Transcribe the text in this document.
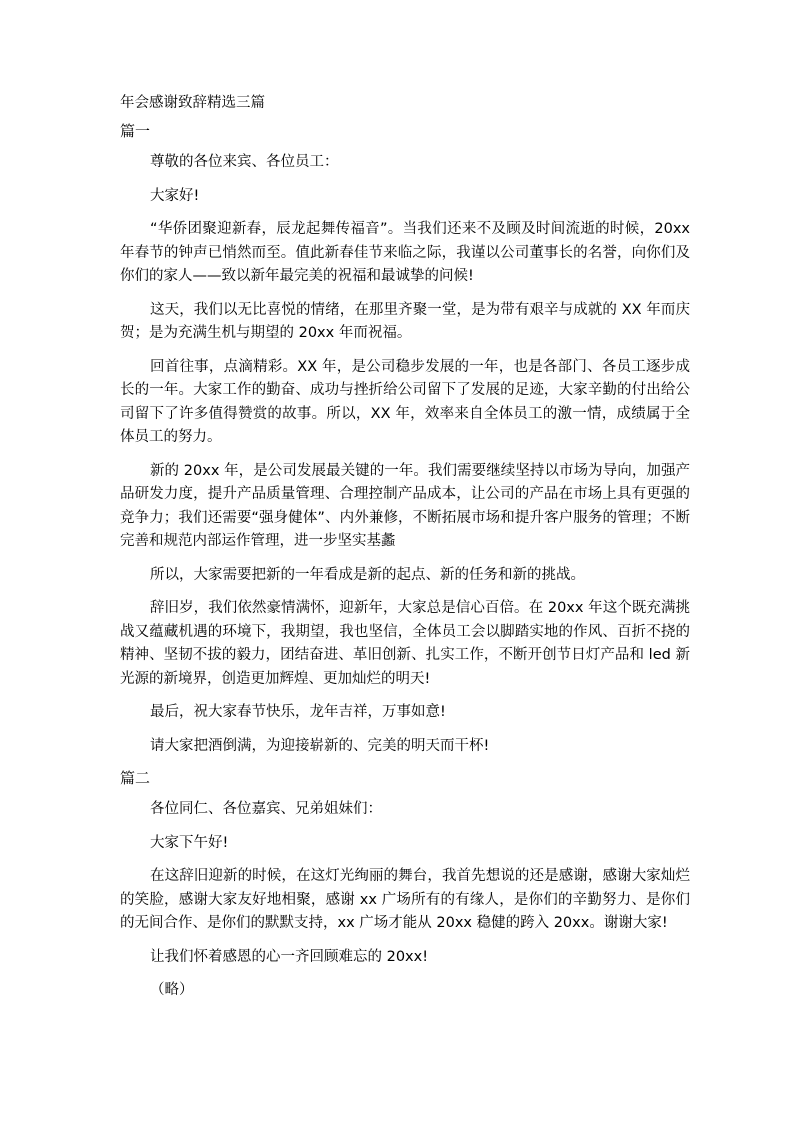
年会感谢致辞精选三篇

篇一

尊敬的各位来宾、各位员工：

大家好!

“华侨团聚迎新春，辰龙起舞传福音”。当我们还来不及顾及时间流逝的时候，20xx 年春节的钟声已悄然而至。值此新春佳节来临之际，我谨以公司董事长的名誉，向你们及你们的家人——致以新年最完美的祝福和最诚挚的问候!

这天，我们以无比喜悦的情绪，在那里齐聚一堂，是为带有艰辛与成就的 XX 年而庆贺；是为充满生机与期望的 20xx 年而祝福。

回首往事，点滴精彩。XX 年，是公司稳步发展的一年，也是各部门、各员工逐步成长的一年。大家工作的勤奋、成功与挫折给公司留下了发展的足迹，大家辛勤的付出给公司留下了许多值得赞赏的故事。所以，XX 年，效率来自全体员工的激一情，成绩属于全体员工的努力。

新的 20xx 年，是公司发展最关键的一年。我们需要继续坚持以市场为导向，加强产品研发力度，提升产品质量管理、合理控制产品成本，让公司的产品在市场上具有更强的竞争力；我们还需要“强身健体”、内外兼修，不断拓展市场和提升客户服务的管理；不断完善和规范内部运作管理，进一步坚实基蠡

所以，大家需要把新的一年看成是新的起点、新的任务和新的挑战。

辞旧岁，我们依然豪情满怀，迎新年，大家总是信心百倍。在 20xx 年这个既充满挑战又蕴藏机遇的环境下，我期望，我也坚信，全体员工会以脚踏实地的作风、百折不挠的精神、坚韧不拔的毅力，团结奋进、革旧创新、扎实工作，不断开创节日灯产品和 led 新光源的新境界，创造更加辉煌、更加灿烂的明天!

最后，祝大家春节快乐，龙年吉祥，万事如意!

请大家把酒倒满，为迎接崭新的、完美的明天而干杯!

篇二

各位同仁、各位嘉宾、兄弟姐妹们：

大家下午好!

在这辞旧迎新的时候，在这灯光绚丽的舞台，我首先想说的还是感谢，感谢大家灿烂的笑脸，感谢大家友好地相聚，感谢 xx 广场所有的有缘人，是你们的辛勤努力、是你们的无间合作、是你们的默默支持，xx 广场才能从 20xx 稳健的跨入 20xx。谢谢大家!

让我们怀着感恩的心一齐回顾难忘的 20xx!

（略）
